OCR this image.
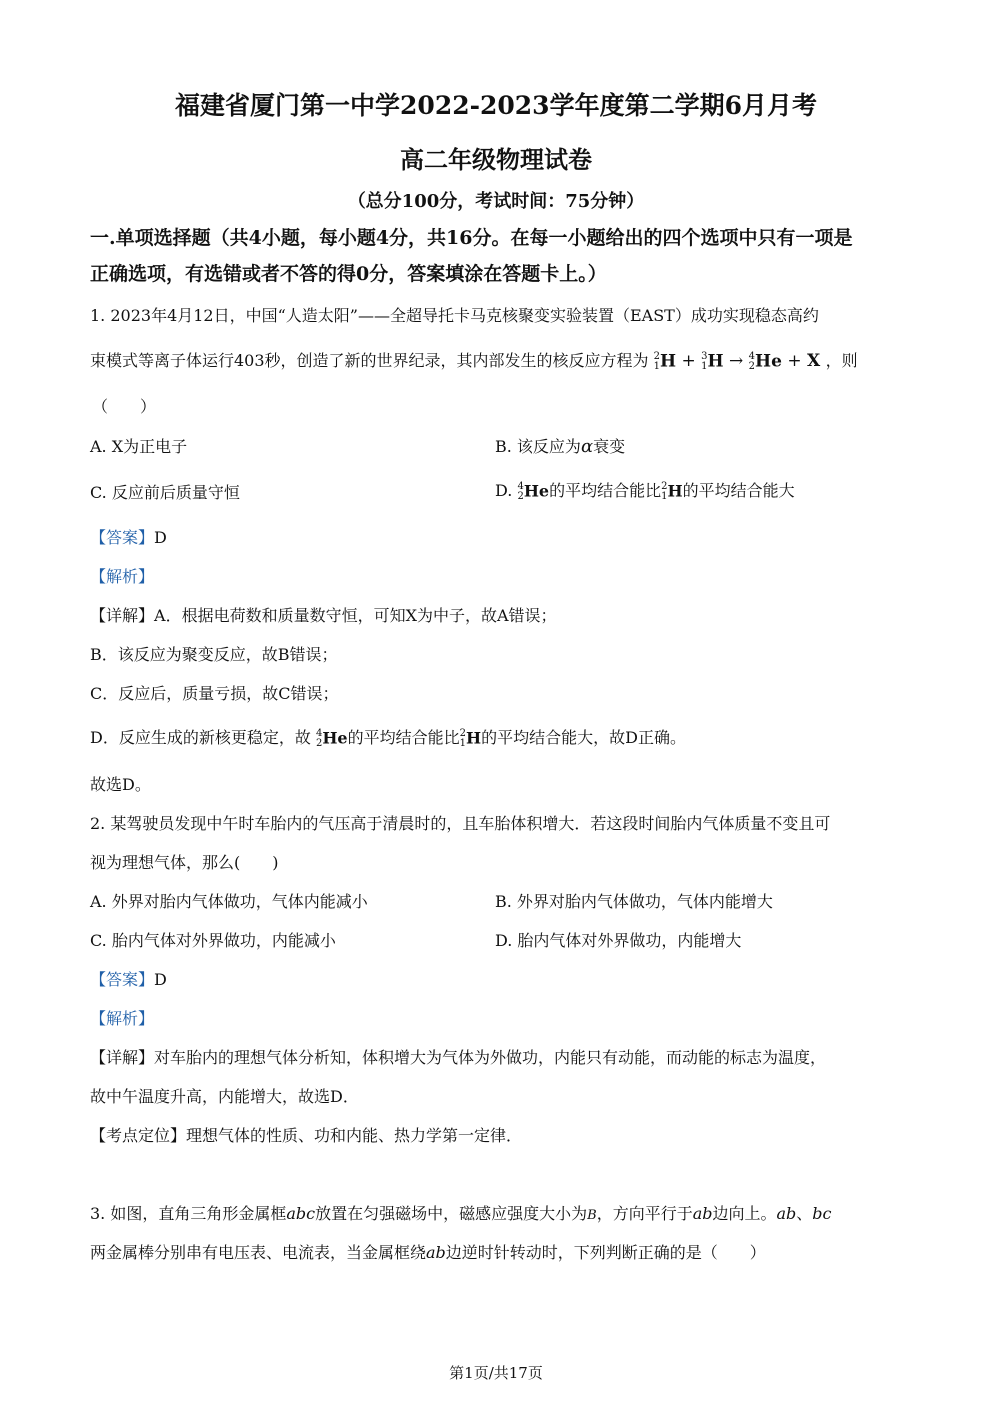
福建省厦门第一中学2022-2023学年度第二学期6月月考
高二年级物理试卷
（总分100分，考试时间：75分钟）
一.单项选择题（共4小题，每小题4分，共16分。在每一小题给出的四个选项中只有一项是
正确选项，有选错或者不答的得0分，答案填涂在答题卡上。）
1. 2023年4月12日，中国“人造太阳”——全超导托卡马克核聚变实验装置（EAST）成功实现稳态高约
束模式等离子体运行403秒，创造了新的世界纪录，其内部发生的核反应方程为 2
1 H + 3
1 H → 4
2 He + X ，则
（　　）
A. X为正电子	B. 该反应为α衰变
C. 反应前后质量守恒	D. 4
2 He的平均结合能比 2
1 H的平均结合能大
【答案】D
【解析】
【详解】A．根据电荷数和质量数守恒，可知X为中子，故A错误；
B．该反应为聚变反应，故B错误；
C．反应后，质量亏损，故C错误；
D．反应生成的新核更稳定，故 4
2 He的平均结合能比 2
1 H的平均结合能大，故D正确。
故选D。
2. 某驾驶员发现中午时车胎内的气压高于清晨时的，且车胎体积增大．若这段时间胎内气体质量不变且可
视为理想气体，那么(　　)
A. 外界对胎内气体做功，气体内能减小	B. 外界对胎内气体做功，气体内能增大
C. 胎内气体对外界做功，内能减小	D. 胎内气体对外界做功，内能增大
【答案】D
【解析】
【详解】对车胎内的理想气体分析知，体积增大为气体为外做功，内能只有动能，而动能的标志为温度，
故中午温度升高，内能增大，故选D．
【考点定位】理想气体的性质、功和内能、热力学第一定律．
3. 如图，直角三角形金属框abc放置在匀强磁场中，磁感应强度大小为B，方向平行于ab边向上。ab、bc
两金属棒分别串有电压表、电流表，当金属框绕ab边逆时针转动时，下列判断正确的是（　　）
第1页/共17页
